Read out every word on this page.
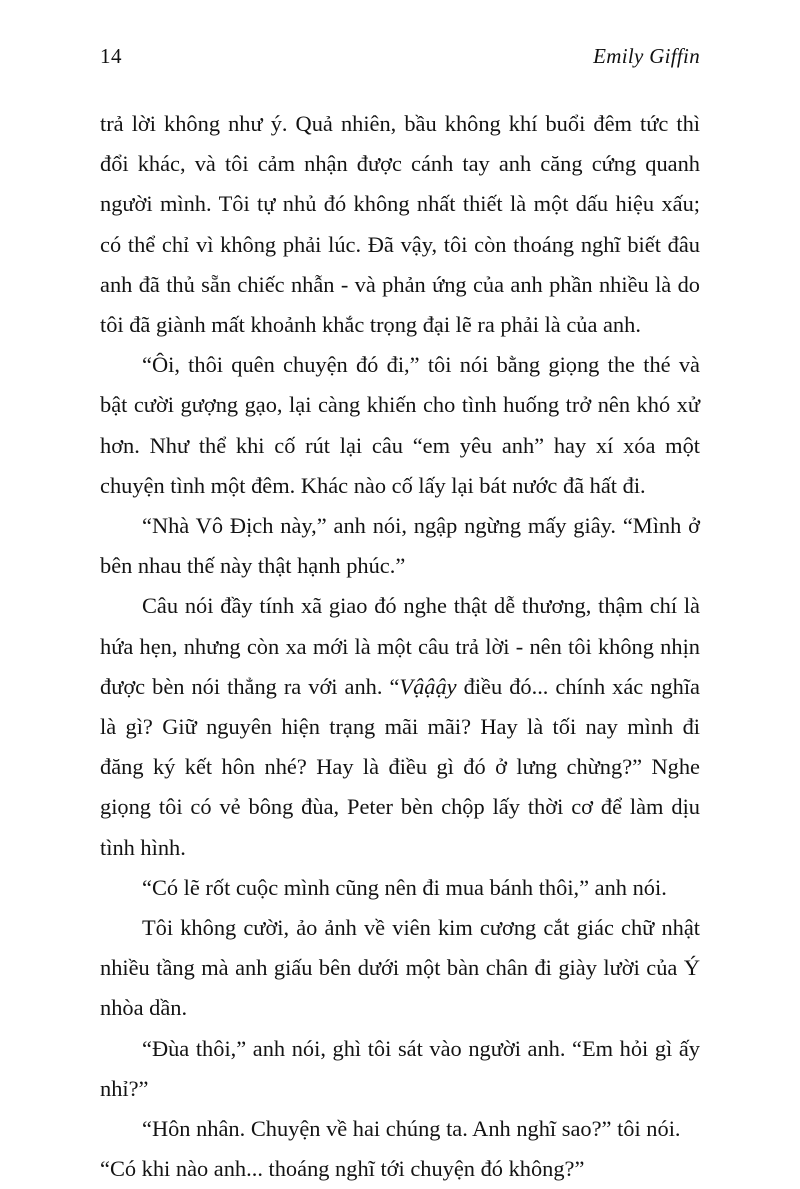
14	Emily Giffin

trả lời không như ý. Quả nhiên, bầu không khí buổi đêm tức thì đổi khác, và tôi cảm nhận được cánh tay anh căng cứng quanh người mình. Tôi tự nhủ đó không nhất thiết là một dấu hiệu xấu; có thể chỉ vì không phải lúc. Đã vậy, tôi còn thoáng nghĩ biết đâu anh đã thủ sẵn chiếc nhẫn - và phản ứng của anh phần nhiều là do tôi đã giành mất khoảnh khắc trọng đại lẽ ra phải là của anh.

“Ôi, thôi quên chuyện đó đi,” tôi nói bằng giọng the thé và bật cười gượng gạo, lại càng khiến cho tình huống trở nên khó xử hơn. Như thể khi cố rút lại câu “em yêu anh” hay xí xóa một chuyện tình một đêm. Khác nào cố lấy lại bát nước đã hất đi.

“Nhà Vô Địch này,” anh nói, ngập ngừng mấy giây. “Mình ở bên nhau thế này thật hạnh phúc.”

Câu nói đầy tính xã giao đó nghe thật dễ thương, thậm chí là hứa hẹn, nhưng còn xa mới là một câu trả lời - nên tôi không nhịn được bèn nói thẳng ra với anh. “Vậậậy điều đó... chính xác nghĩa là gì? Giữ nguyên hiện trạng mãi mãi? Hay là tối nay mình đi đăng ký kết hôn nhé? Hay là điều gì đó ở lưng chừng?” Nghe giọng tôi có vẻ bông đùa, Peter bèn chộp lấy thời cơ để làm dịu tình hình.

“Có lẽ rốt cuộc mình cũng nên đi mua bánh thôi,” anh nói.

Tôi không cười, ảo ảnh về viên kim cương cắt giác chữ nhật nhiều tầng mà anh giấu bên dưới một bàn chân đi giày lười của Ý nhòa dần.

“Đùa thôi,” anh nói, ghì tôi sát vào người anh. “Em hỏi gì ấy nhỉ?”

“Hôn nhân. Chuyện về hai chúng ta. Anh nghĩ sao?” tôi nói. “Có khi nào anh... thoáng nghĩ tới chuyện đó không?”
